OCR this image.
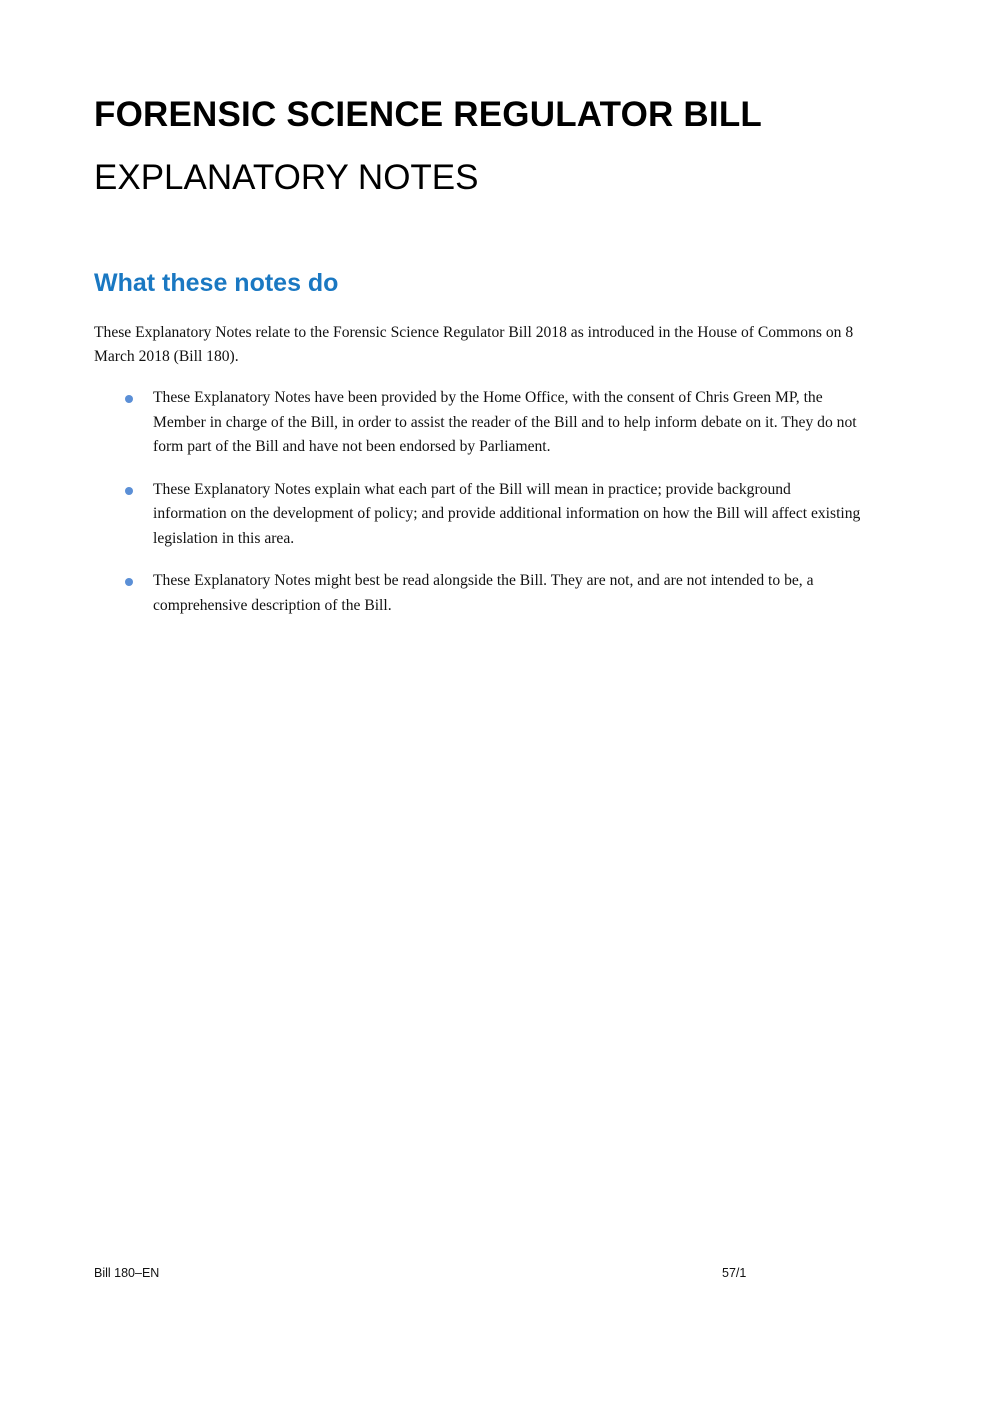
FORENSIC SCIENCE REGULATOR BILL
EXPLANATORY NOTES
What these notes do
These Explanatory Notes relate to the Forensic Science Regulator Bill 2018 as introduced in the House of Commons on 8 March 2018 (Bill 180).
These Explanatory Notes have been provided by the Home Office, with the consent of Chris Green MP, the Member in charge of the Bill, in order to assist the reader of the Bill and to help inform debate on it. They do not form part of the Bill and have not been endorsed by Parliament.
These Explanatory Notes explain what each part of the Bill will mean in practice; provide background information on the development of policy; and provide additional information on how the Bill will affect existing legislation in this area.
These Explanatory Notes might best be read alongside the Bill. They are not, and are not intended to be, a comprehensive description of the Bill.
Bill 180–EN	57/1
